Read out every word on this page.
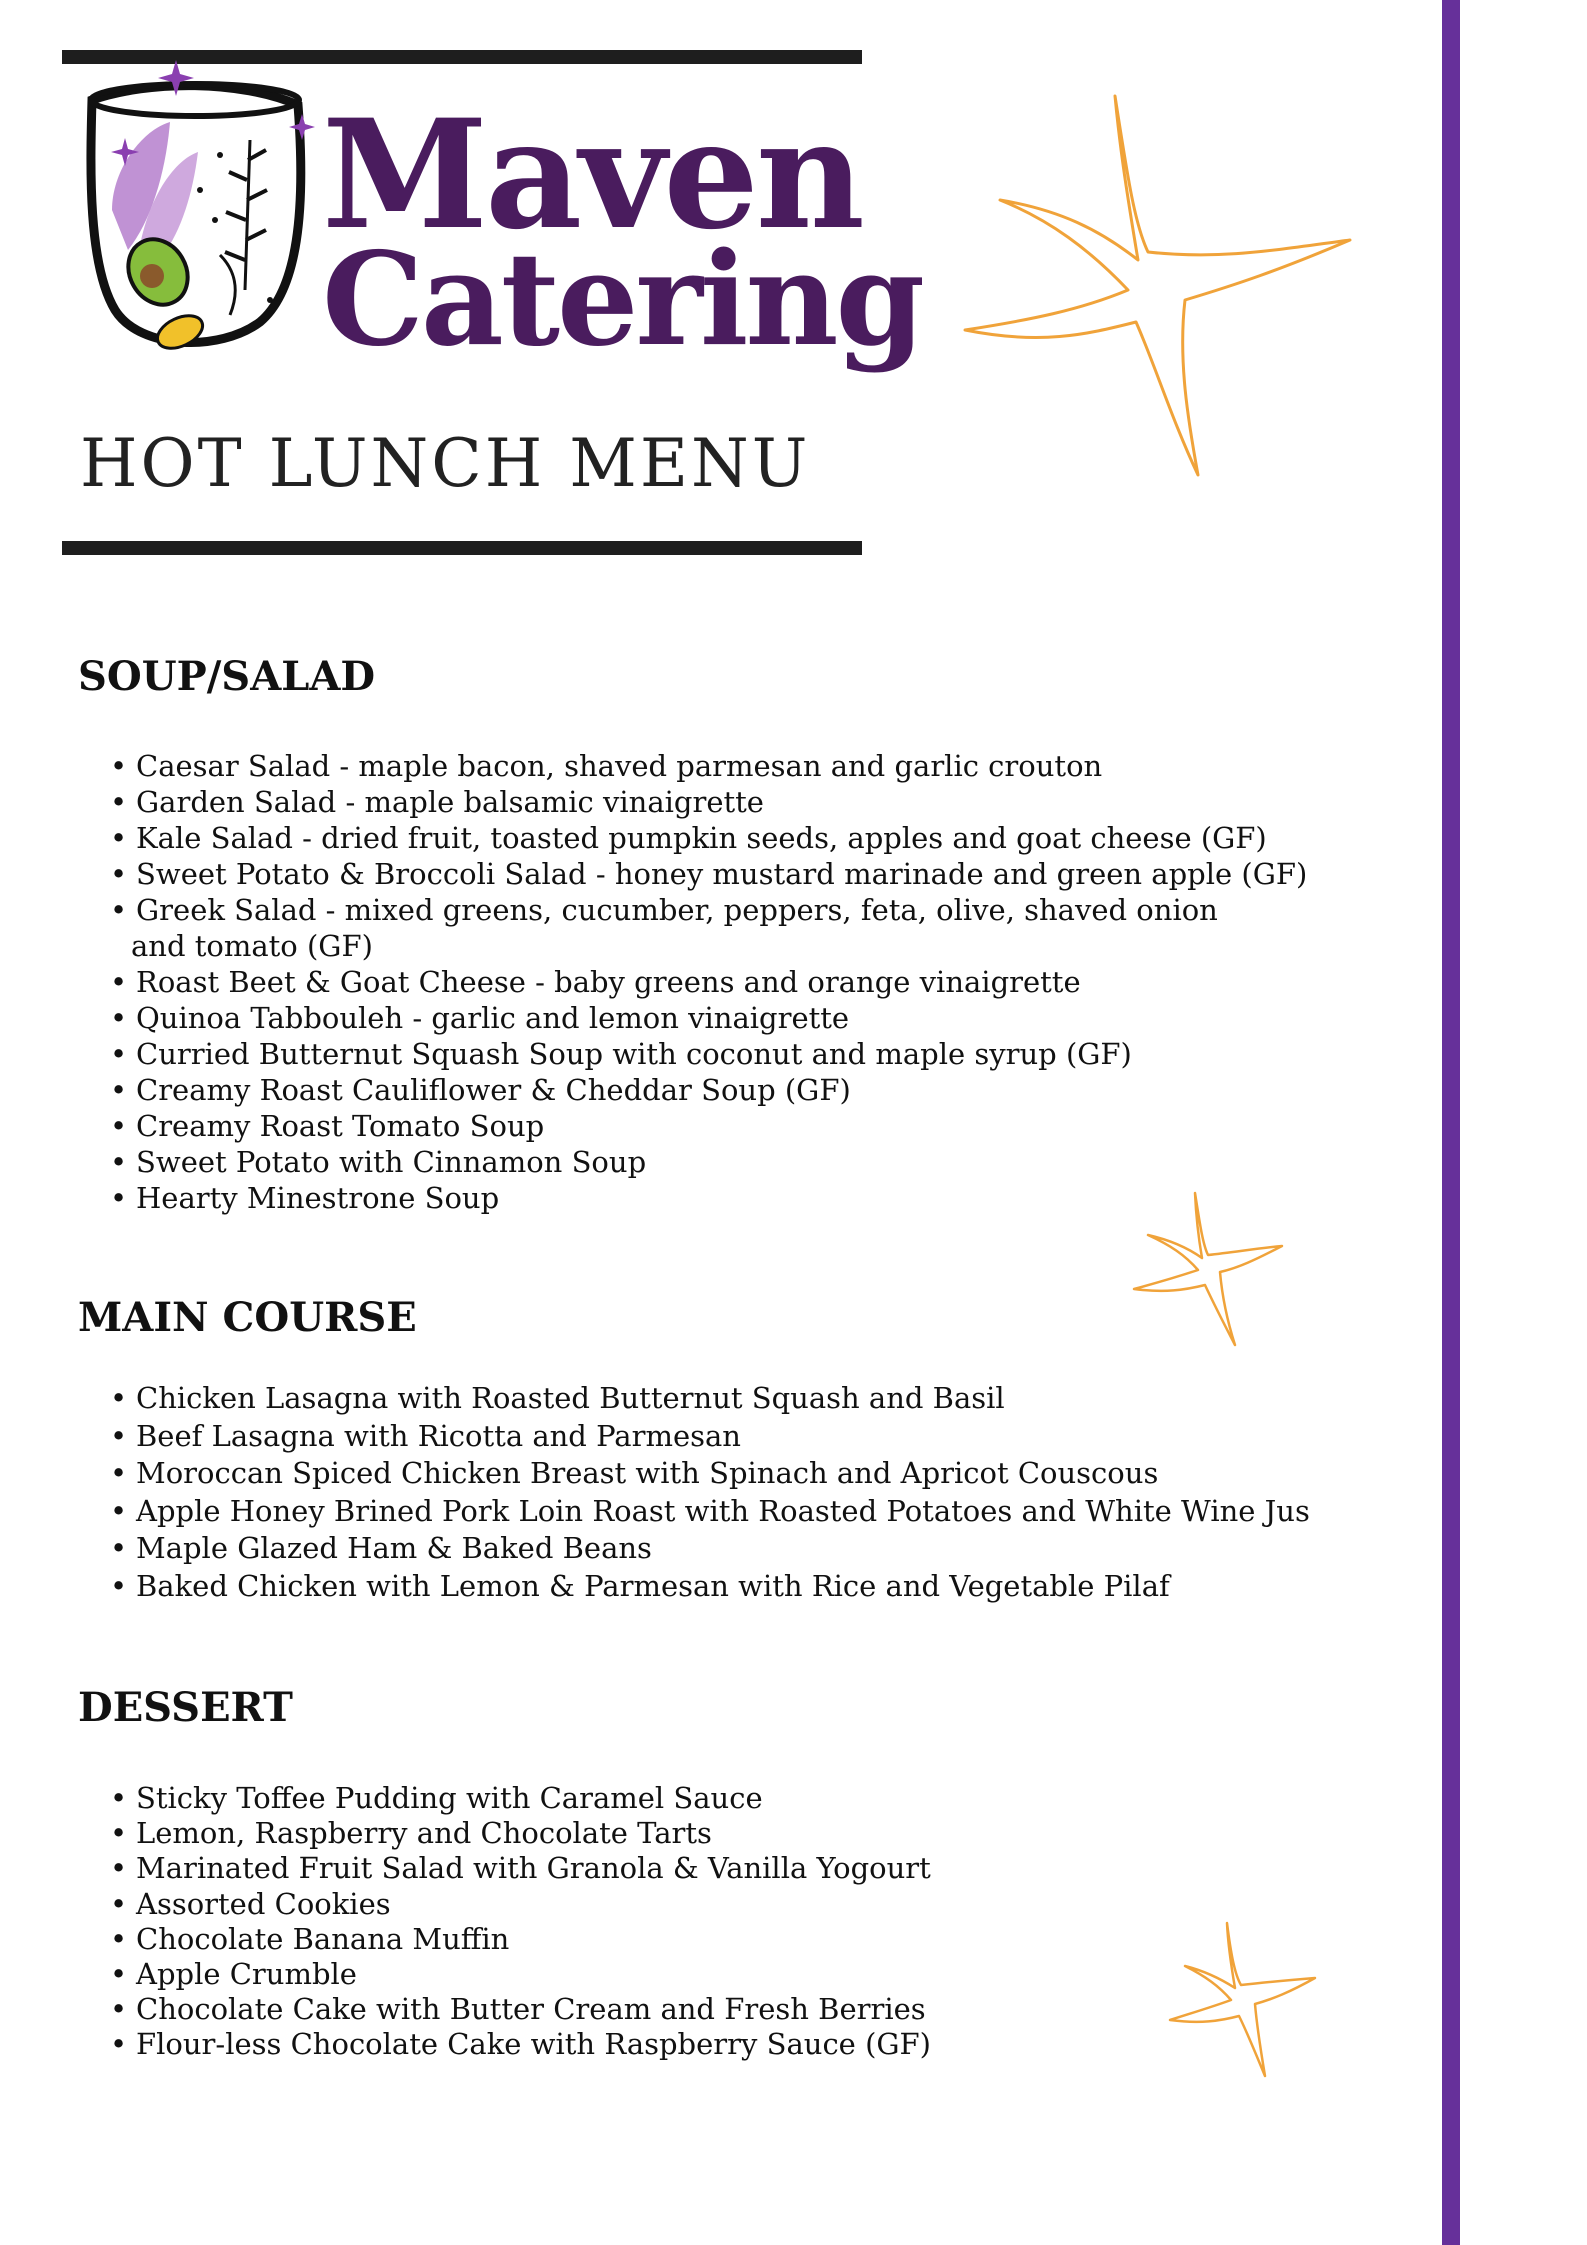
Maven
Catering
HOT LUNCH MENU
SOUP/SALAD
• Caesar Salad - maple bacon, shaved parmesan and garlic crouton
• Garden Salad - maple balsamic vinaigrette
• Kale Salad - dried fruit, toasted pumpkin seeds, apples and goat cheese (GF)
• Sweet Potato & Broccoli Salad - honey mustard marinade and green apple (GF)
• Greek Salad - mixed greens, cucumber, peppers, feta, olive, shaved onion
and tomato (GF)
• Roast Beet & Goat Cheese - baby greens and orange vinaigrette
• Quinoa Tabbouleh - garlic and lemon vinaigrette
• Curried Butternut Squash Soup with coconut and maple syrup (GF)
• Creamy Roast Cauliflower & Cheddar Soup (GF)
• Creamy Roast Tomato Soup
• Sweet Potato with Cinnamon Soup
• Hearty Minestrone Soup
MAIN COURSE
• Chicken Lasagna with Roasted Butternut Squash and Basil
• Beef Lasagna with Ricotta and Parmesan
• Moroccan Spiced Chicken Breast with Spinach and Apricot Couscous
• Apple Honey Brined Pork Loin Roast with Roasted Potatoes and White Wine Jus
• Maple Glazed Ham & Baked Beans
• Baked Chicken with Lemon & Parmesan with Rice and Vegetable Pilaf
DESSERT
• Sticky Toffee Pudding with Caramel Sauce
• Lemon, Raspberry and Chocolate Tarts
• Marinated Fruit Salad with Granola & Vanilla Yogourt
• Assorted Cookies
• Chocolate Banana Muffin
• Apple Crumble
• Chocolate Cake with Butter Cream and Fresh Berries
• Flour-less Chocolate Cake with Raspberry Sauce (GF)
